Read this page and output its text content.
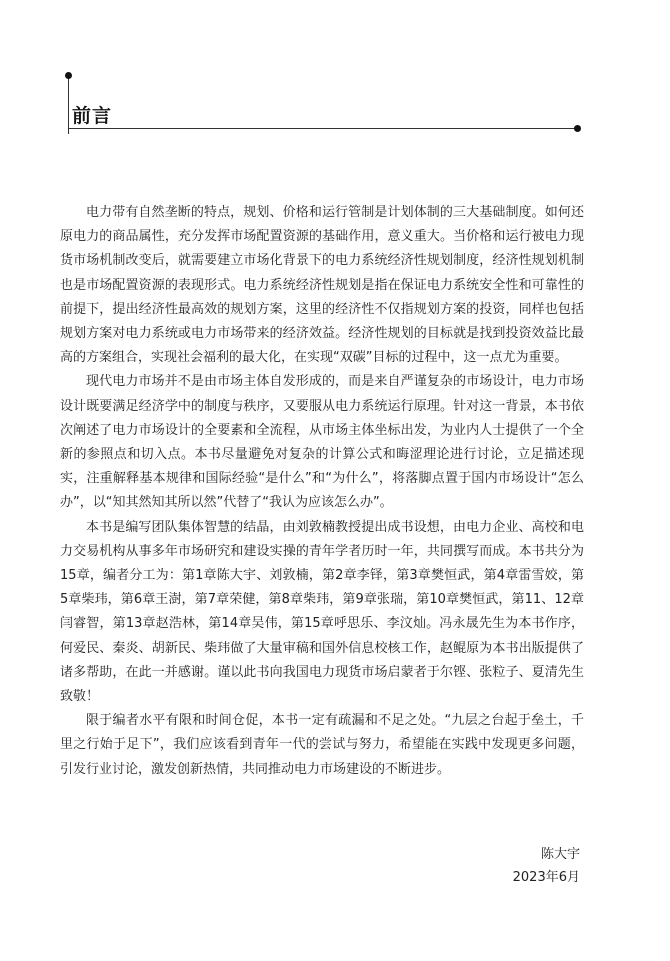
前言

电力带有自然垄断的特点，规划、价格和运行管制是计划体制的三大基础制度。如何还原电力的商品属性，充分发挥市场配置资源的基础作用，意义重大。当价格和运行被电力现货市场机制改变后，就需要建立市场化背景下的电力系统经济性规划制度，经济性规划机制也是市场配置资源的表现形式。电力系统经济性规划是指在保证电力系统安全性和可靠性的前提下，提出经济性最高效的规划方案，这里的经济性不仅指规划方案的投资，同样也包括规划方案对电力系统或电力市场带来的经济效益。经济性规划的目标就是找到投资效益比最高的方案组合，实现社会福利的最大化，在实现“双碳”目标的过程中，这一点尤为重要。

现代电力市场并不是由市场主体自发形成的，而是来自严谨复杂的市场设计，电力市场设计既要满足经济学中的制度与秩序，又要服从电力系统运行原理。针对这一背景，本书依次阐述了电力市场设计的全要素和全流程，从市场主体坐标出发，为业内人士提供了一个全新的参照点和切入点。本书尽量避免对复杂的计算公式和晦涩理论进行讨论，立足描述现实，注重解释基本规律和国际经验“是什么”和“为什么”，将落脚点置于国内市场设计“怎么办”，以“知其然知其所以然”代替了“我认为应该怎么办”。

本书是编写团队集体智慧的结晶，由刘敦楠教授提出成书设想，由电力企业、高校和电力交易机构从事多年市场研究和建设实操的青年学者历时一年，共同撰写而成。本书共分为15章，编者分工为：第1章陈大宇、刘敦楠，第2章李铎，第3章樊恒武，第4章雷雪姣，第5章柴玮，第6章王澍，第7章荣健，第8章柴玮，第9章张瑞，第10章樊恒武，第11、12章闫睿智，第13章赵浩林，第14章吴伟，第15章呼思乐、李汶灿。冯永晟先生为本书作序，何爱民、秦炎、胡新民、柴玮做了大量审稿和国外信息校核工作，赵鲲原为本书出版提供了诸多帮助，在此一并感谢。谨以此书向我国电力现货市场启蒙者于尔铿、张粒子、夏清先生致敬！

限于编者水平有限和时间仓促，本书一定有疏漏和不足之处。“九层之台起于垒土，千里之行始于足下”，我们应该看到青年一代的尝试与努力，希望能在实践中发现更多问题，引发行业讨论，激发创新热情，共同推动电力市场建设的不断进步。

陈大宇
2023年6月
